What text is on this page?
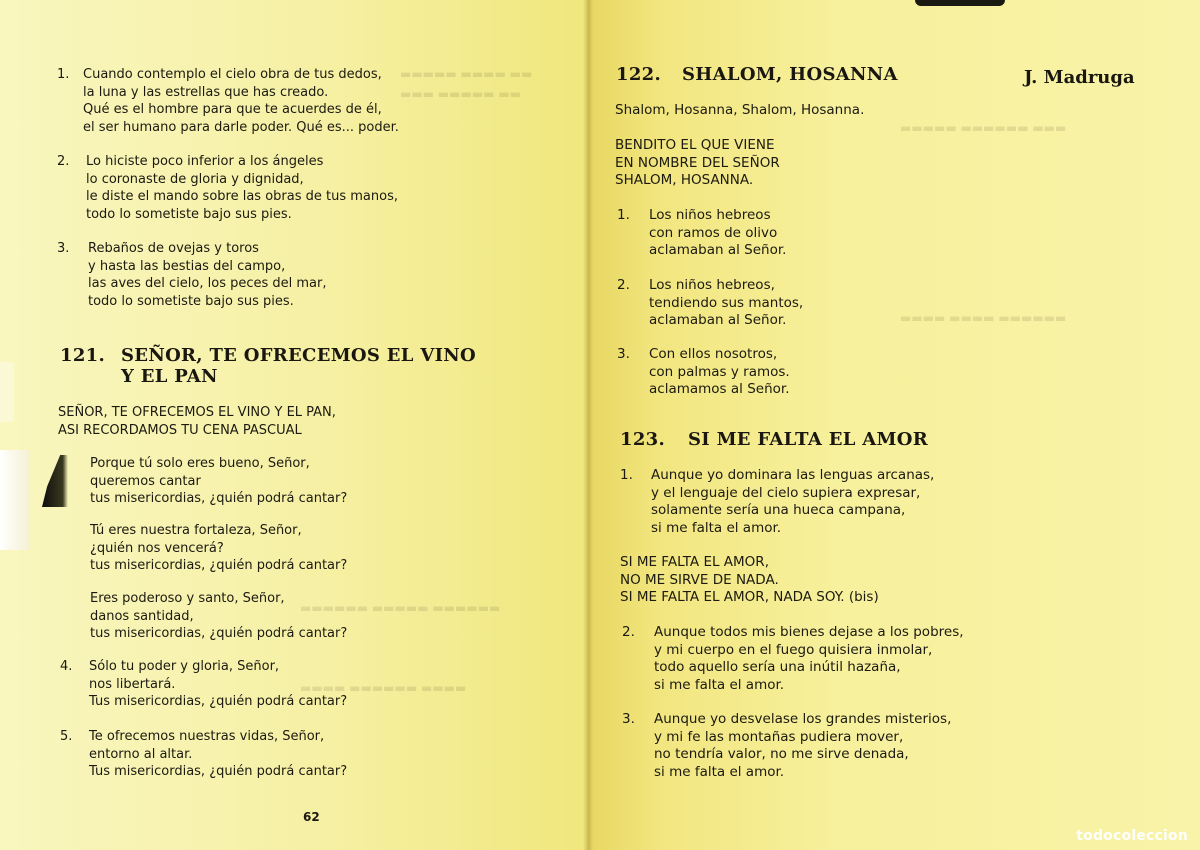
▬▬▬▬▬ ▬▬▬▬ ▬▬
▬▬▬ ▬▬▬▬▬ ▬▬
▬▬▬▬▬▬ ▬▬▬▬▬ ▬▬▬▬▬▬
▬▬▬▬ ▬▬▬▬▬▬ ▬▬▬▬
▬▬▬▬▬ ▬▬▬▬▬▬ ▬▬▬
▬▬▬▬ ▬▬▬▬ ▬▬▬▬▬▬
1. Cuando contemplo el cielo obra de tus dedos,
la luna y las estrellas que has creado.
Qué es el hombre para que te acuerdes de él,
el ser humano para darle poder. Qué es... poder.
2. Lo hiciste poco inferior a los ángeles
lo coronaste de gloria y dignidad,
le diste el mando sobre las obras de tus manos,
todo lo sometiste bajo sus pies.
3. Rebaños de ovejas y toros
y hasta las bestias del campo,
las aves del cielo, los peces del mar,
todo lo sometiste bajo sus pies.
121. SEÑOR, TE OFRECEMOS EL VINO
Y EL PAN
SEÑOR, TE OFRECEMOS EL VINO Y EL PAN,
ASI RECORDAMOS TU CENA PASCUAL
Porque tú solo eres bueno, Señor,
queremos cantar
tus misericordias, ¿quién podrá cantar?
Tú eres nuestra fortaleza, Señor,
¿quién nos vencerá?
tus misericordias, ¿quién podrá cantar?
Eres poderoso y santo, Señor,
danos santidad,
tus misericordias, ¿quién podrá cantar?
4. Sólo tu poder y gloria, Señor,
nos libertará.
Tus misericordias, ¿quién podrá cantar?
5. Te ofrecemos nuestras vidas, Señor,
entorno al altar.
Tus misericordias, ¿quién podrá cantar?
62
122. SHALOM, HOSANNA	J. Madruga
Shalom, Hosanna, Shalom, Hosanna.
BENDITO EL QUE VIENE
EN NOMBRE DEL SEÑOR
SHALOM, HOSANNA.
1. Los niños hebreos
con ramos de olivo
aclamaban al Señor.
2. Los niños hebreos,
tendiendo sus mantos,
aclamaban al Señor.
3. Con ellos nosotros,
con palmas y ramos.
aclamamos al Señor.
123. SI ME FALTA EL AMOR
1. Aunque yo dominara las lenguas arcanas,
y el lenguaje del cielo supiera expresar,
solamente sería una hueca campana,
si me falta el amor.
SI ME FALTA EL AMOR,
NO ME SIRVE DE NADA.
SI ME FALTA EL AMOR, NADA SOY. (bis)
2. Aunque todos mis bienes dejase a los pobres,
y mi cuerpo en el fuego quisiera inmolar,
todo aquello sería una inútil hazaña,
si me falta el amor.
3. Aunque yo desvelase los grandes misterios,
y mi fe las montañas pudiera mover,
no tendría valor, no me sirve denada,
si me falta el amor.
todocoleccion
